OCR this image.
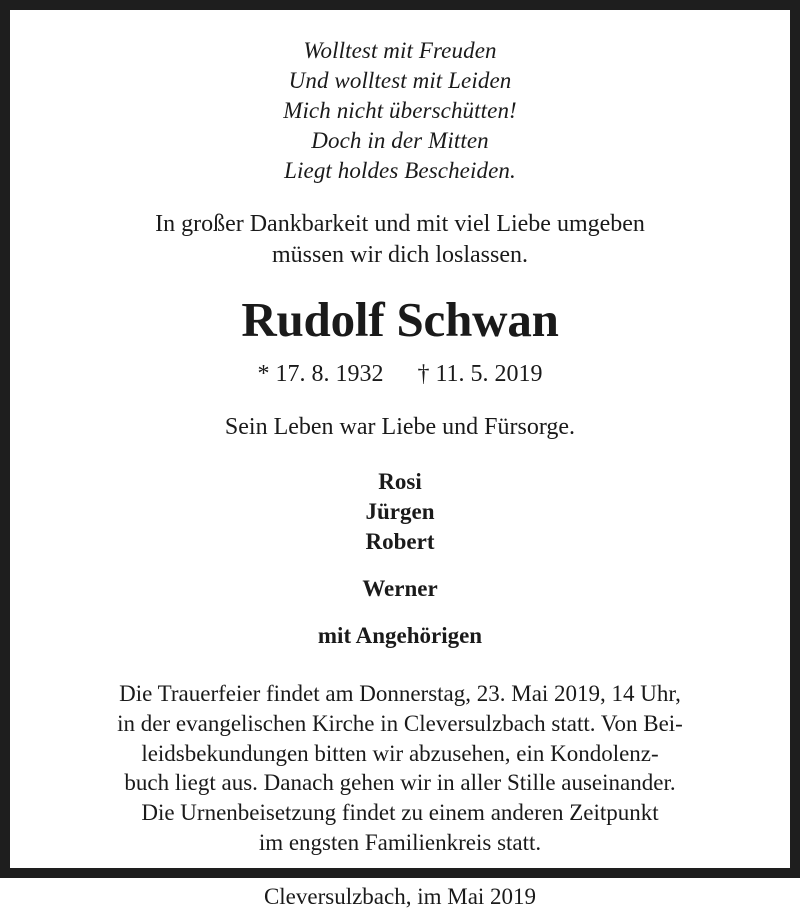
Wolltest mit Freuden
Und wolltest mit Leiden
Mich nicht überschütten!
Doch in der Mitten
Liegt holdes Bescheiden.
In großer Dankbarkeit und mit viel Liebe umgeben
müssen wir dich loslassen.
Rudolf Schwan
* 17. 8. 1932 † 11. 5. 2019
Sein Leben war Liebe und Fürsorge.
Rosi
Jürgen
Robert
Werner
mit Angehörigen
Die Trauerfeier findet am Donnerstag, 23. Mai 2019, 14 Uhr,
in der evangelischen Kirche in Cleversulzbach statt. Von Bei-
leidsbekundungen bitten wir abzusehen, ein Kondolenz-
buch liegt aus. Danach gehen wir in aller Stille auseinander.
Die Urnenbeisetzung findet zu einem anderen Zeitpunkt
im engsten Familienkreis statt.
Cleversulzbach, im Mai 2019
